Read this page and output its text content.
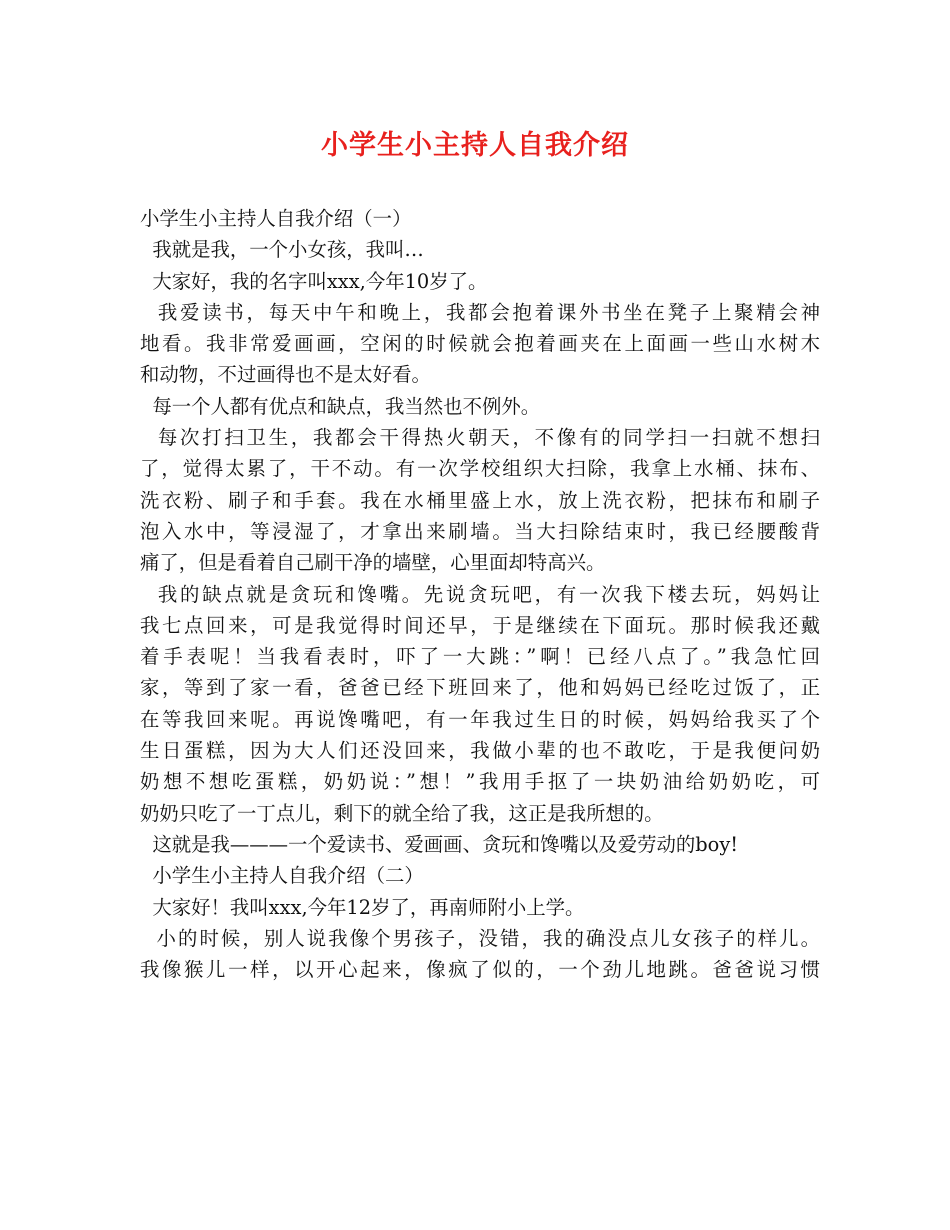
小学生小主持人自我介绍
小学生小主持人自我介绍（一）
我就是我，一个小女孩，我叫…
大家好，我的名字叫xxx,今年10岁了。
我爱读书，每天中午和晚上，我都会抱着课外书坐在凳子上聚精会神
地看。我非常爱画画，空闲的时候就会抱着画夹在上面画一些山水树木
和动物，不过画得也不是太好看。
每一个人都有优点和缺点，我当然也不例外。
每次打扫卫生，我都会干得热火朝天，不像有的同学扫一扫就不想扫
了，觉得太累了，干不动。有一次学校组织大扫除，我拿上水桶、抹布、
洗衣粉、刷子和手套。我在水桶里盛上水，放上洗衣粉，把抹布和刷子
泡入水中，等浸湿了，才拿出来刷墙。当大扫除结束时，我已经腰酸背
痛了，但是看着自己刷干净的墙壁，心里面却特高兴。
我的缺点就是贪玩和馋嘴。先说贪玩吧，有一次我下楼去玩，妈妈让
我七点回来，可是我觉得时间还早，于是继续在下面玩。那时候我还戴
着手表呢！当我看表时，吓了一大跳：”啊！已经八点了。”我急忙回
家，等到了家一看，爸爸已经下班回来了，他和妈妈已经吃过饭了，正
在等我回来呢。再说馋嘴吧，有一年我过生日的时候，妈妈给我买了个
生日蛋糕，因为大人们还没回来，我做小辈的也不敢吃，于是我便问奶
奶想不想吃蛋糕，奶奶说：”想！”我用手抠了一块奶油给奶奶吃，可
奶奶只吃了一丁点儿，剩下的就全给了我，这正是我所想的。
这就是我———一个爱读书、爱画画、贪玩和馋嘴以及爱劳动的boy!
小学生小主持人自我介绍（二）
大家好！我叫xxx,今年12岁了，再南师附小上学。
小的时候，别人说我像个男孩子，没错，我的确没点儿女孩子的样儿。
我像猴儿一样，以开心起来，像疯了似的，一个劲儿地跳。爸爸说习惯
